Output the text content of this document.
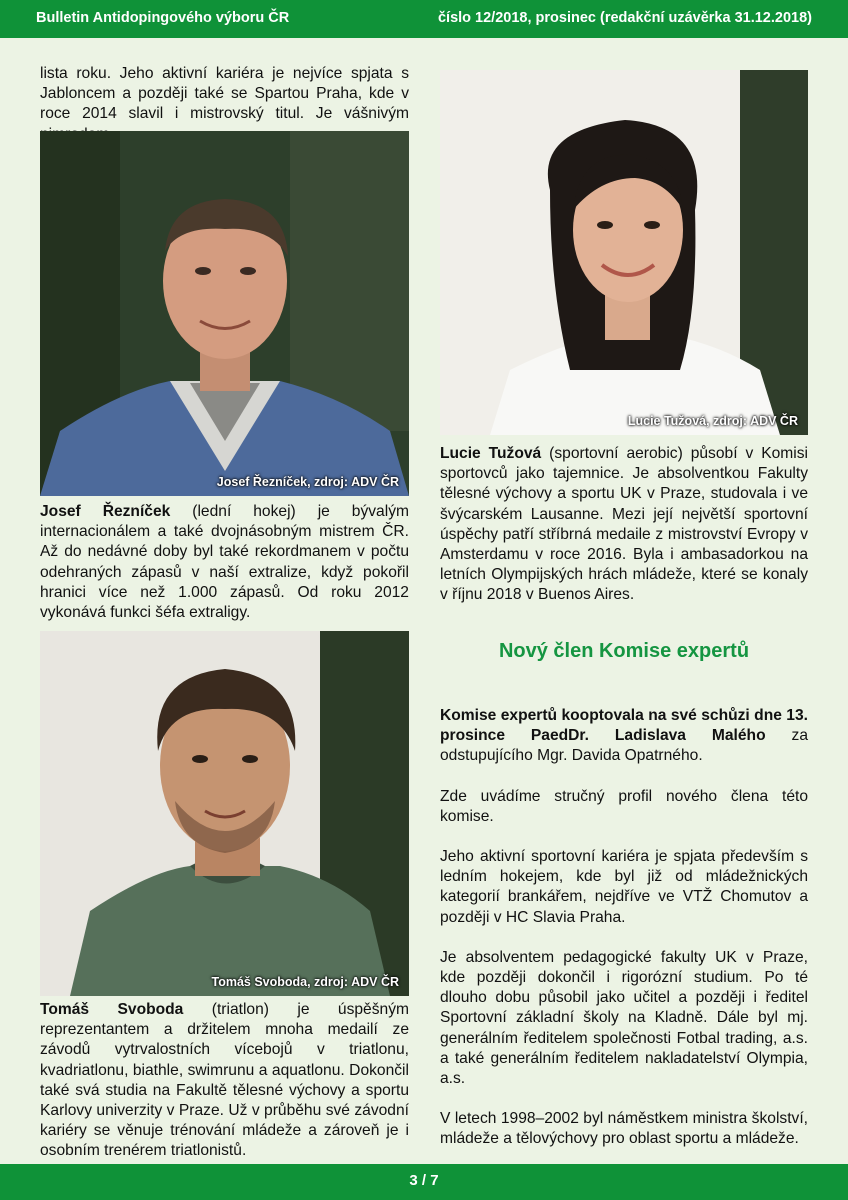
Bulletin Antidopingového výboru ČR	číslo 12/2018, prosinec (redakční uzávěrka 31.12.2018)

lista roku. Jeho aktivní kariéra je nejvíce spjata s Jabloncem a později také se Spartou Praha, kde v roce 2014 slavil i mistrovský titul. Je vášnivým

Josef Řezníček, zdroj: ADV ČR

Josef Řezníček (lední hokej) je bývalým internacionálem a také dvojnásobným mistrem ČR. Až do nedávné doby byl také rekordmanem v počtu odehraných zápasů v naší extralize, když pokořil hranici více než 1.000 zápasů. Od roku 2012 vykonává funkci šéfa extraligy.

Tomáš Svoboda, zdroj: ADV ČR

Tomáš Svoboda (triatlon) je úspěšným reprezentantem a držitelem mnoha medailí ze závodů vytrvalostních víceboјů v triatlonu, kvadriatlonu, biathle, swimrunu a aquatlonu. Dokončil také svá studia na Fakultě tělesné výchovy a sportu Karlovy univerzity v Praze. Už v průběhu své závodní kariéry se věnuje trénování mládeže a zároveň je i osobním trenérem triatlonistů.

Lucie Tužová, zdroj: ADV ČR

Lucie Tužová (sportovní aerobic) působí v Komisi sportovců jako tajemnice. Je absolventkou Fakulty tělesné výchovy a sportu UK v Praze, studovala i ve švýcarském Lausanne. Mezi její největší sportovní úspěchy patří stříbrná medaile z mistrovství Evropy v Amsterdamu v roce 2016. Byla i ambasadorkou na letních Olympijských hrách mládeže, které se konaly v říjnu 2018 v Buenos Aires.

Nový člen Komise expertů

Komise expertů kooptovala na své schůzi dne 13. prosince PaedDr. Ladislava Malého za odstupujícího Mgr. Davida Opatrného.

Zde uvádíme stručný profil nového člena této komise.

Jeho aktivní sportovní kariéra je spjata především s ledním hokejem, kde byl již od mládežnických kategorií brankářem, nejdříve ve VTŽ Chomutov a později v HC Slavia Praha.

Je absolventem pedagogické fakulty UK v Praze, kde později dokončil i rigorózní studium. Po té dlouho dobu působil jako učitel a později i ředitel Sportovní základní školy na Kladně. Dále byl mj. generálním ředitelem společnosti Fotbal trading, a.s. a také generálním ředitelem nakladatelství Olympia, a.s.

V letech 1998–2002 byl náměstkem ministra školství, mládeže a tělovýchovy pro oblast sportu a mládeže.

3 / 7
